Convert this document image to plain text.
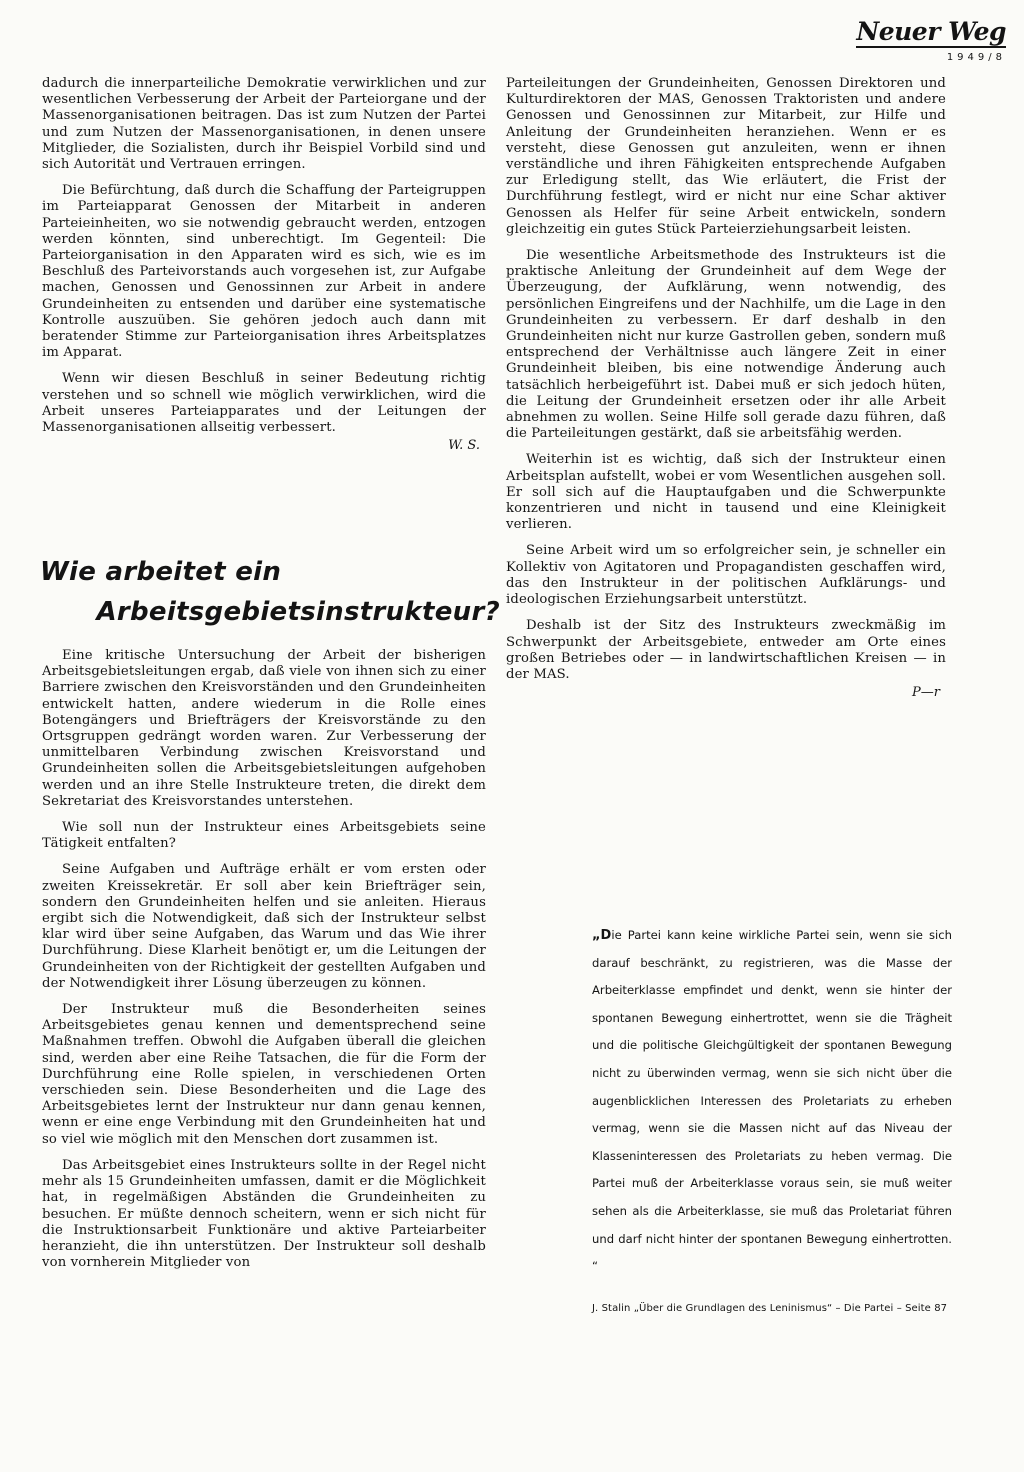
Neuer Weg
1949/8

dadurch die innerparteiliche Demokratie verwirklichen und zur wesentlichen Verbesserung der Arbeit der Parteiorgane und der Massenorganisationen beitragen. Das ist zum Nutzen der Partei und zum Nutzen der Massenorganisationen, in denen unsere Mitglieder, die Sozialisten, durch ihr Beispiel Vorbild sind und sich Autorität und Vertrauen erringen.

Die Befürchtung, daß durch die Schaffung der Parteigruppen im Parteiapparat Genossen der Mitarbeit in anderen Parteieinheiten, wo sie notwendig gebraucht werden, entzogen werden könnten, sind unberechtigt. Im Gegenteil: Die Parteiorganisation in den Apparaten wird es sich, wie es im Beschluß des Parteivorstands auch vorgesehen ist, zur Aufgabe machen, Genossen und Genossinnen zur Arbeit in andere Grundeinheiten zu entsenden und darüber eine systematische Kontrolle auszuüben. Sie gehören jedoch auch dann mit beratender Stimme zur Parteiorganisation ihres Arbeitsplatzes im Apparat.

Wenn wir diesen Beschluß in seiner Bedeutung richtig verstehen und so schnell wie möglich verwirklichen, wird die Arbeit unseres Parteiapparates und der Leitungen der Massenorganisationen allseitig verbessert.

W. S.
Wie arbeitet ein
Arbeitsgebietsinstrukteur?

Eine kritische Untersuchung der Arbeit der bisherigen Arbeitsgebietsleitungen ergab, daß viele von ihnen sich zu einer Barriere zwischen den Kreisvorständen und den Grundeinheiten entwickelt hatten, andere wiederum in die Rolle eines Botengängers und Briefträgers der Kreisvorstände zu den Ortsgruppen gedrängt worden waren. Zur Verbesserung der unmittelbaren Verbindung zwischen Kreisvorstand und Grundeinheiten sollen die Arbeitsgebietsleitungen aufgehoben werden und an ihre Stelle Instrukteure treten, die direkt dem Sekretariat des Kreisvorstandes unterstehen.

Wie soll nun der Instrukteur eines Arbeitsgebiets seine Tätigkeit entfalten?

Seine Aufgaben und Aufträge erhält er vom ersten oder zweiten Kreissekretär. Er soll aber kein Briefträger sein, sondern den Grundeinheiten helfen und sie anleiten. Hieraus ergibt sich die Notwendigkeit, daß sich der Instrukteur selbst klar wird über seine Aufgaben, das Warum und das Wie ihrer Durchführung. Diese Klarheit benötigt er, um die Leitungen der Grundeinheiten von der Richtigkeit der gestellten Aufgaben und der Notwendigkeit ihrer Lösung überzeugen zu können.

Der Instrukteur muß die Besonderheiten seines Arbeitsgebietes genau kennen und dementsprechend seine Maßnahmen treffen. Obwohl die Aufgaben überall die gleichen sind, werden aber eine Reihe Tatsachen, die für die Form der Durchführung eine Rolle spielen, in verschiedenen Orten verschieden sein. Diese Besonderheiten und die Lage des Arbeitsgebietes lernt der Instrukteur nur dann genau kennen, wenn er eine enge Verbindung mit den Grundeinheiten hat und so viel wie möglich mit den Menschen dort zusammen ist.

Das Arbeitsgebiet eines Instrukteurs sollte in der Regel nicht mehr als 15 Grundeinheiten umfassen, damit er die Möglichkeit hat, in regelmäßigen Abständen die Grundeinheiten zu besuchen. Er müßte dennoch scheitern, wenn er sich nicht für die Instruktionsarbeit Funktionäre und aktive Parteiarbeiter heranzieht, die ihn unterstützen. Der Instrukteur soll deshalb von vornherein Mitglieder von

Parteileitungen der Grundeinheiten, Genossen Direktoren und Kulturdirektoren der MAS, Genossen Traktoristen und andere Genossen und Genossinnen zur Mitarbeit, zur Hilfe und Anleitung der Grundeinheiten heranziehen. Wenn er es versteht, diese Genossen gut anzuleiten, wenn er ihnen verständliche und ihren Fähigkeiten entsprechende Aufgaben zur Erledigung stellt, das Wie erläutert, die Frist der Durchführung festlegt, wird er nicht nur eine Schar aktiver Genossen als Helfer für seine Arbeit entwickeln, sondern gleichzeitig ein gutes Stück Parteierziehungsarbeit leisten.

Die wesentliche Arbeitsmethode des Instrukteurs ist die praktische Anleitung der Grundeinheit auf dem Wege der Überzeugung, der Aufklärung, wenn notwendig, des persönlichen Eingreifens und der Nachhilfe, um die Lage in den Grundeinheiten zu verbessern. Er darf deshalb in den Grundeinheiten nicht nur kurze Gastrollen geben, sondern muß entsprechend der Verhältnisse auch längere Zeit in einer Grundeinheit bleiben, bis eine notwendige Änderung auch tatsächlich herbeigeführt ist. Dabei muß er sich jedoch hüten, die Leitung der Grundeinheit ersetzen oder ihr alle Arbeit abnehmen zu wollen. Seine Hilfe soll gerade dazu führen, daß die Parteileitungen gestärkt, daß sie arbeitsfähig werden.

Weiterhin ist es wichtig, daß sich der Instrukteur einen Arbeitsplan aufstellt, wobei er vom Wesentlichen ausgehen soll. Er soll sich auf die Hauptaufgaben und die Schwerpunkte konzentrieren und nicht in tausend und eine Kleinigkeit verlieren.

Seine Arbeit wird um so erfolgreicher sein, je schneller ein Kollektiv von Agitatoren und Propagandisten geschaffen wird, das den Instrukteur in der politischen Aufklärungs- und ideologischen Erziehungsarbeit unterstützt.

Deshalb ist der Sitz des Instrukteurs zweckmäßig im Schwerpunkt der Arbeitsgebiete, entweder am Orte eines großen Betriebes oder — in landwirtschaftlichen Kreisen — in der MAS.

P—r

„Die Partei kann keine wirkliche Partei sein, wenn sie sich darauf beschränkt, zu registrieren, was die Masse der Arbeiterklasse empfindet und denkt, wenn sie hinter der spontanen Bewegung einhertrottet, wenn sie die Trägheit und die politische Gleichgültigkeit der spontanen Bewegung nicht zu überwinden vermag, wenn sie sich nicht über die augenblicklichen Interessen des Proletariats zu erheben vermag, wenn sie die Massen nicht auf das Niveau der Klasseninteressen des Proletariats zu heben vermag. Die Partei muß der Arbeiterklasse voraus sein, sie muß weiter sehen als die Arbeiterklasse, sie muß das Proletariat führen und darf nicht hinter der spontanen Bewegung einhertrotten. “

J. Stalin „Über die Grundlagen des Leninismus“ – Die Partei – Seite 87
